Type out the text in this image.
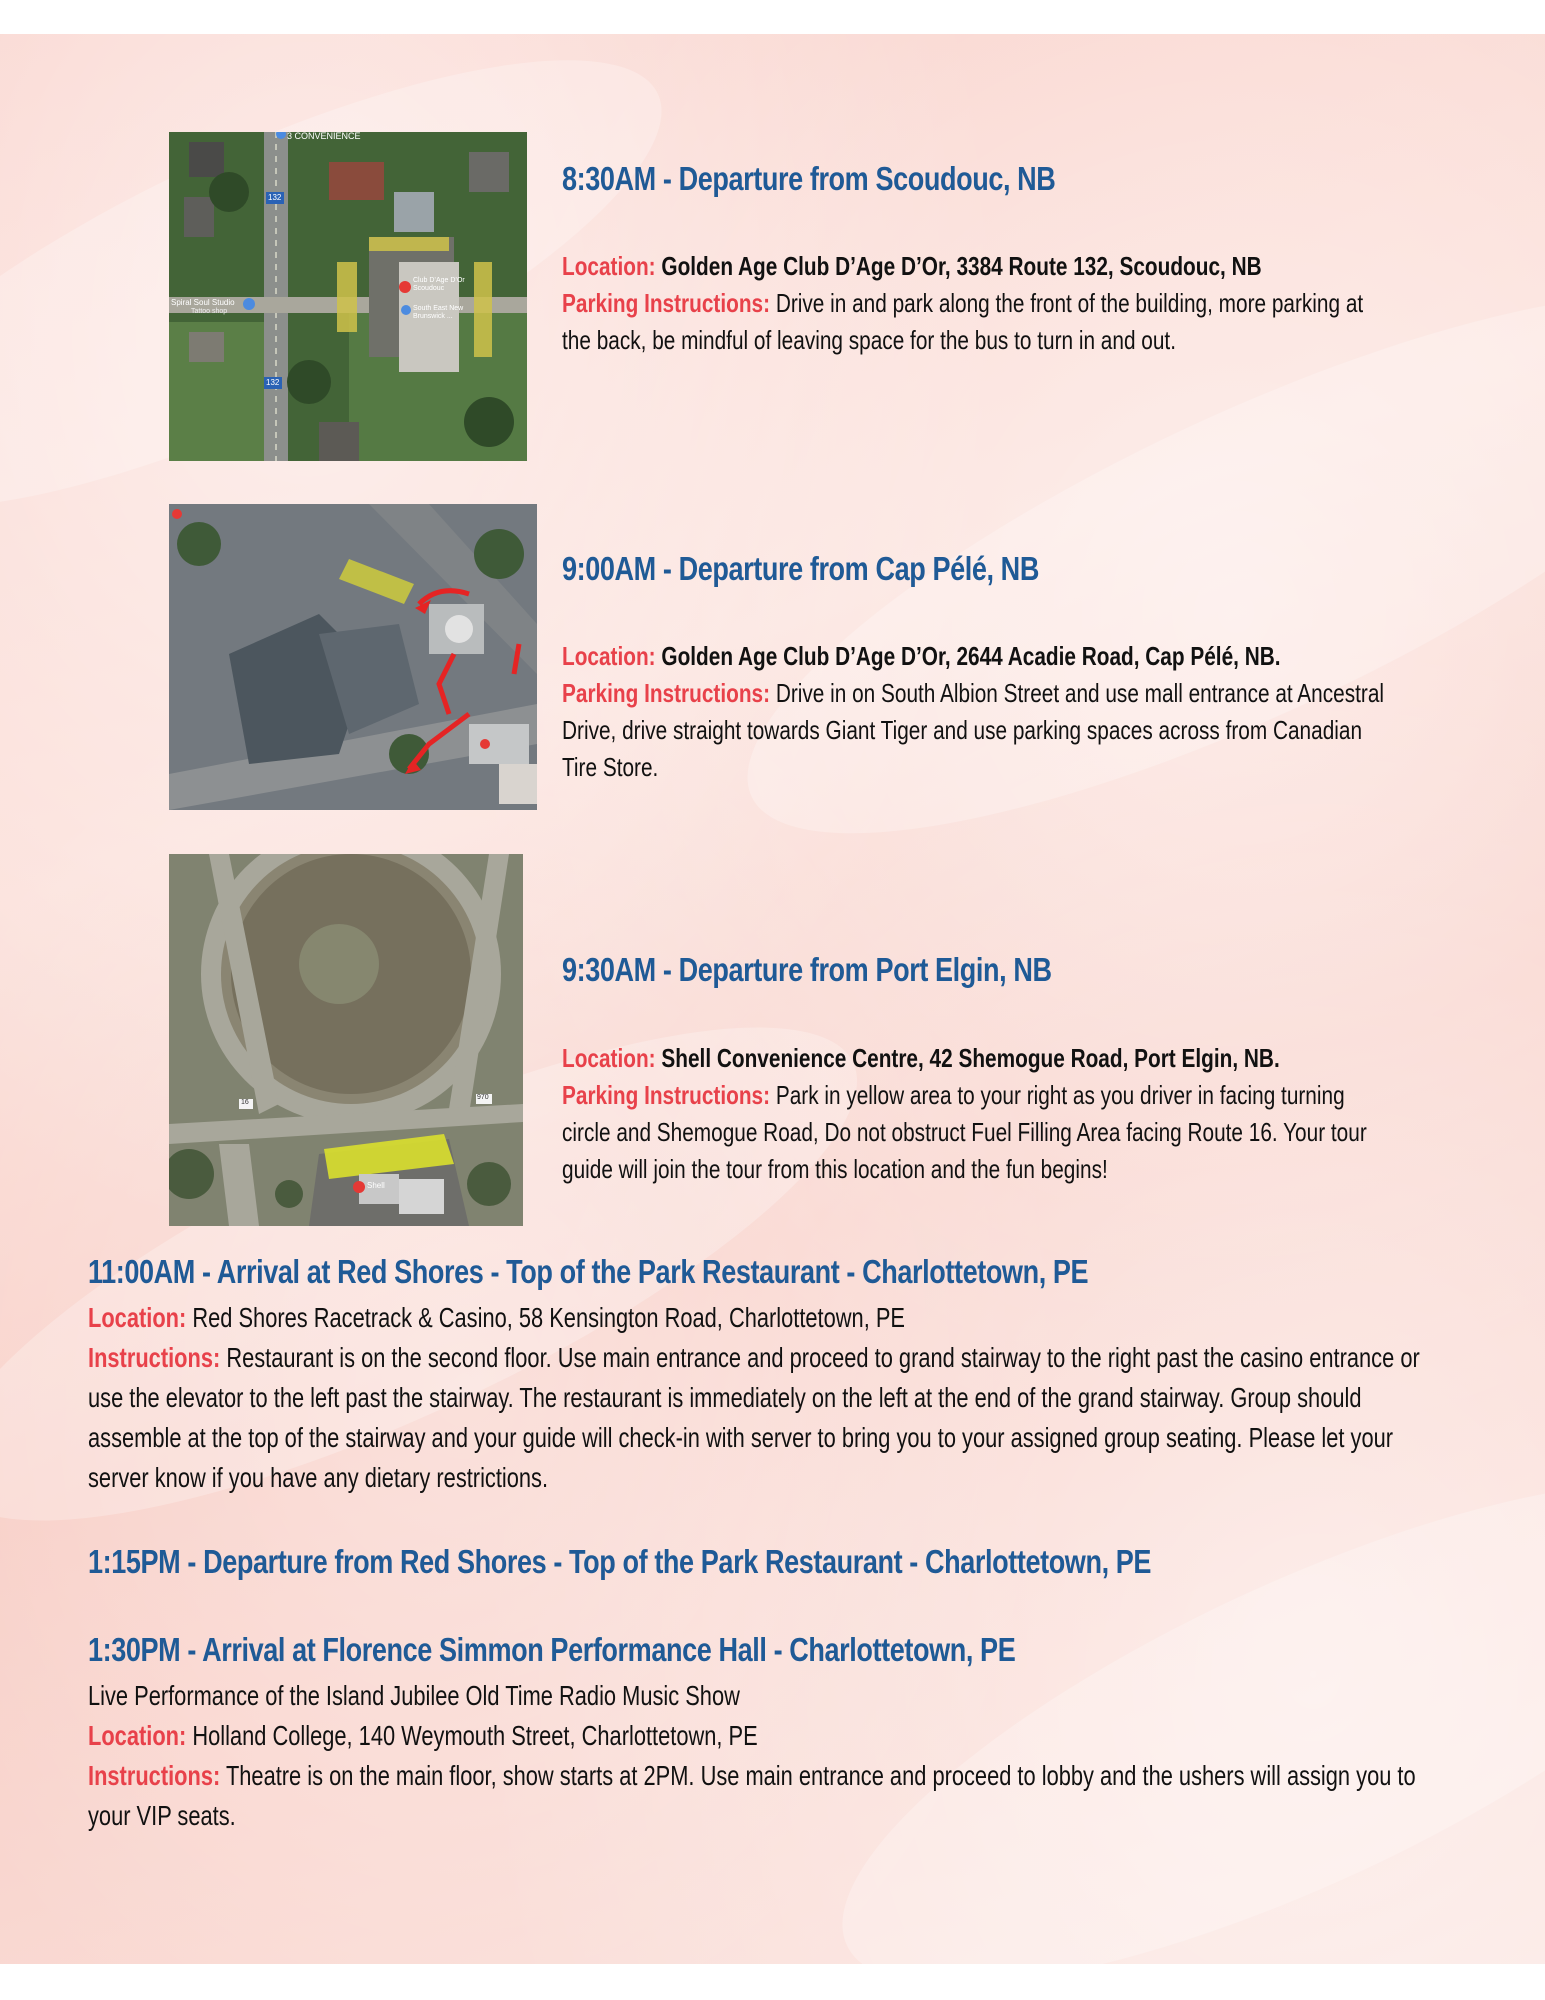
3 CONVENIENCE
132
132
Spiral Soul Studio
Tattoo shop
Club D’Age D’Or Scoudouc
South East New Brunswick ...
8:30AM - Departure from Scoudouc, NB
Location: Golden Age Club D’Age D’Or, 3384 Route 132, Scoudouc, NB
Parking Instructions: Drive in and park along the front of the building, more parking at the back, be mindful of leaving space for the bus to turn in and out.
9:00AM - Departure from Cap Pélé, NB
Location: Golden Age Club D’Age D’Or, 2644 Acadie Road, Cap Pélé, NB.
Parking Instructions: Drive in on South Albion Street and use mall entrance at Ancestral Drive, drive straight towards Giant Tiger and use parking spaces across from Canadian Tire Store.
970
16
Shell
9:30AM - Departure from Port Elgin, NB
Location: Shell Convenience Centre, 42 Shemogue Road, Port Elgin, NB.
Parking Instructions: Park in yellow area to your right as you driver in facing turning circle and Shemogue Road, Do not obstruct Fuel Filling Area facing Route 16. Your tour guide will join the tour from this location and the fun begins!
11:00AM - Arrival at Red Shores - Top of the Park Restaurant - Charlottetown, PE

Location: Red Shores Racetrack & Casino, 58 Kensington Road, Charlottetown, PE

Instructions: Restaurant is on the second floor. Use main entrance and proceed to grand stairway to the right past the casino entrance or use the elevator to the left past the stairway. The restaurant is immediately on the left at the end of the grand stairway. Group should assemble at the top of the stairway and your guide will check-in with server to bring you to your assigned group seating. Please let your server know if you have any dietary restrictions.

1:15PM - Departure from Red Shores - Top of the Park Restaurant - Charlottetown, PE
1:30PM - Arrival at Florence Simmon Performance Hall - Charlottetown, PE

Live Performance of the Island Jubilee Old Time Radio Music Show

Location: Holland College, 140 Weymouth Street, Charlottetown, PE

Instructions: Theatre is on the main floor, show starts at 2PM. Use main entrance and proceed to lobby and the ushers will assign you to your VIP seats.
